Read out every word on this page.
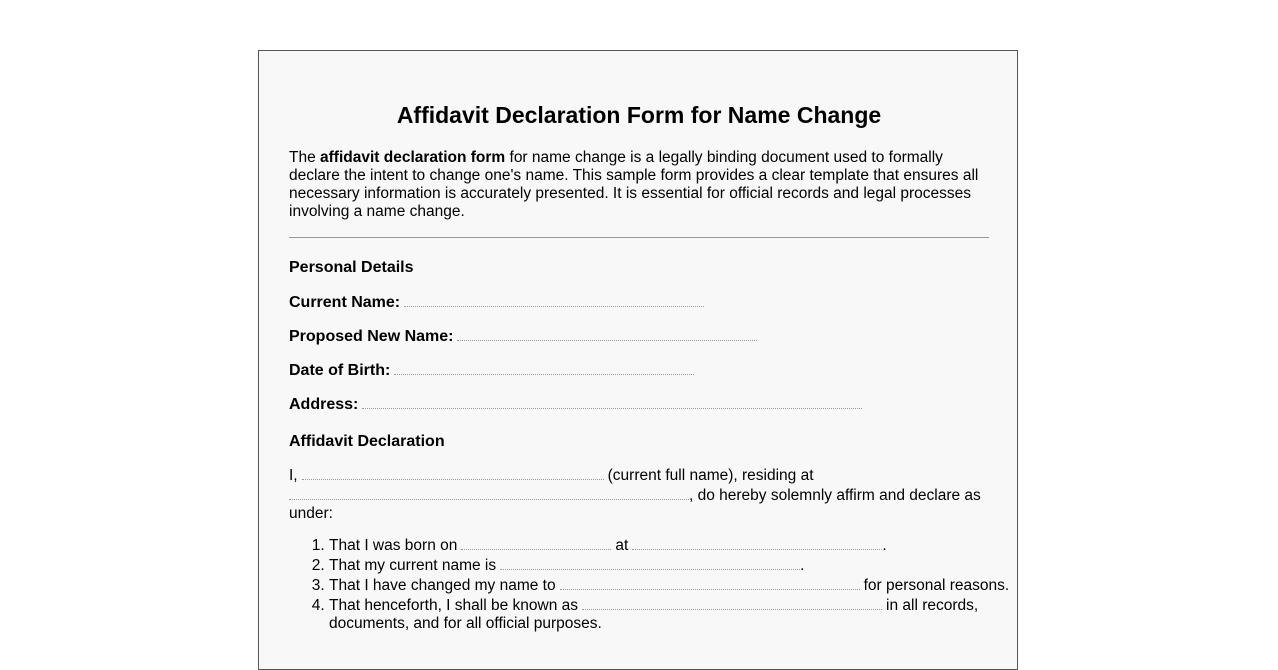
Affidavit Declaration Form for Name Change

The affidavit declaration form for name change is a legally binding document used to formally declare the intent to change one's name. This sample form provides a clear template that ensures all necessary information is accurately presented. It is essential for official records and legal processes involving a name change.

Personal Details

Current Name:
Proposed New Name:
Date of Birth:
Address:

Affidavit Declaration

I,	(current full name), residing at, do hereby solemnly affirm and declare as under:

1. That I was born on	at	.
2. That my current name is	.
3. That I have changed my name to	for personal reasons.
4. That henceforth, I shall be known as	in all records, documents, and for all official purposes.
